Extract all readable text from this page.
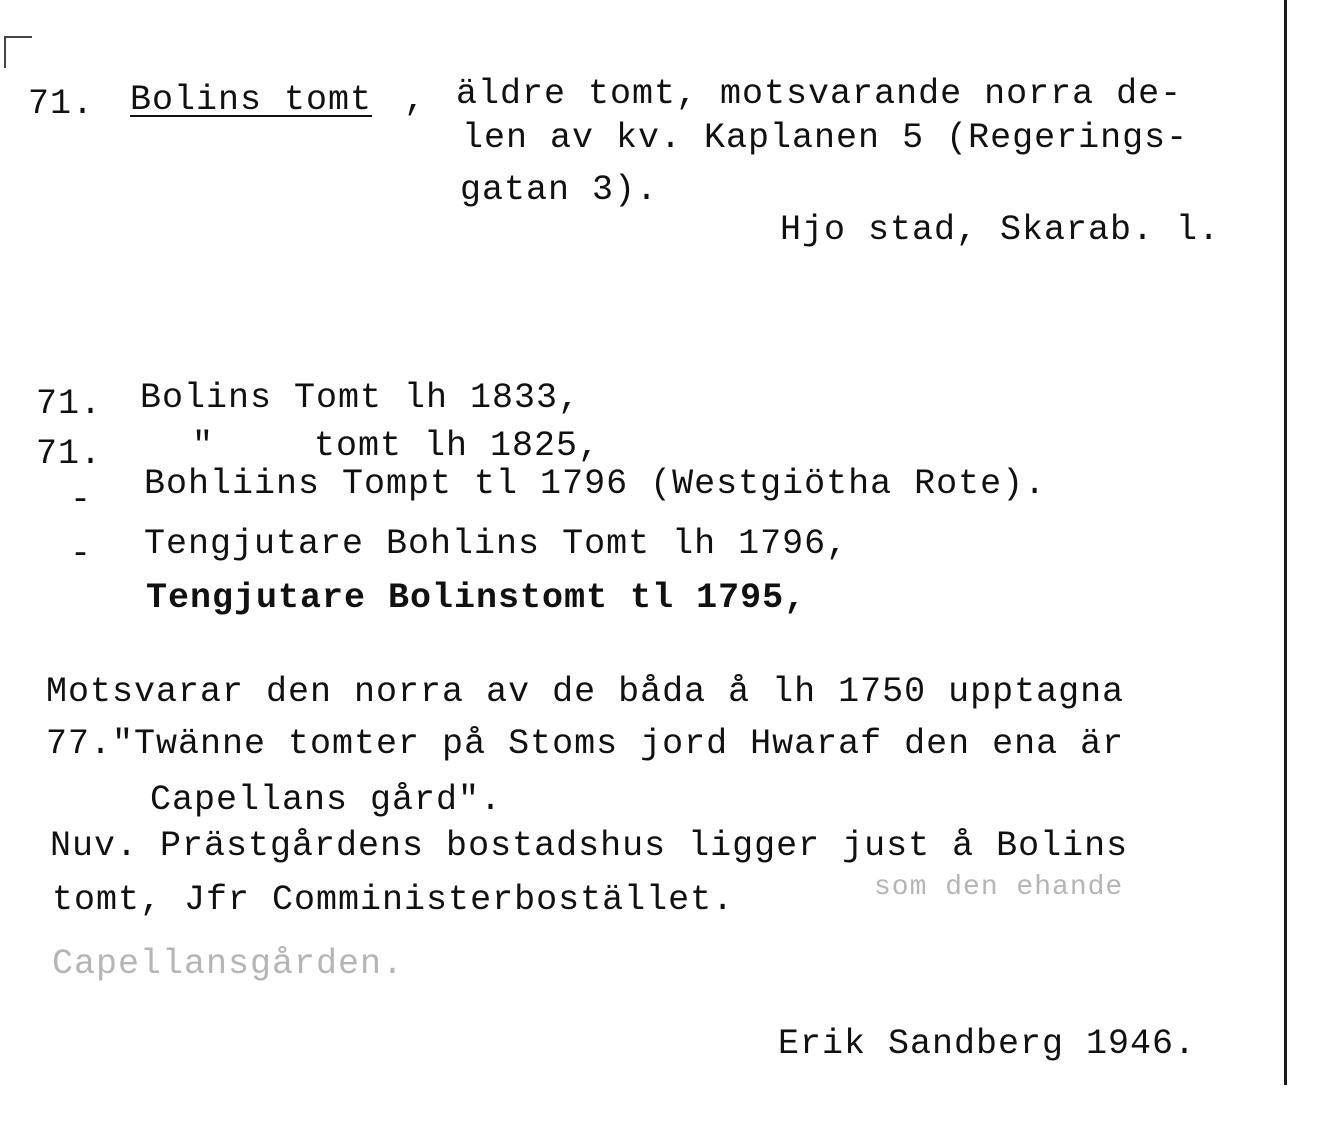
71. Bolins tomt , äldre tomt, motsvarande norra de-
len av kv. Kaplanen 5 (Regerings-
gatan 3).
Hjo stad, Skarab. l.
71. Bolins Tomt lh 1833,
71.	"	tomt lh 1825,
- Bohliins Tompt tl 1796 (Westgiötha Rote).
- Tengjutare Bohlins Tomt lh 1796,
Tengjutare Bolinstomt tl 1795,
Motsvarar den norra av de båda å lh 1750 upptagna
77."Twänne tomter på Stoms jord Hwaraf den ena är
Capellans gård".
Nuv. Prästgårdens bostadshus ligger just å Bolins
tomt, Jfr Comministerbostället.	som den ehande
Capellansgården.
Erik Sandberg 1946.
